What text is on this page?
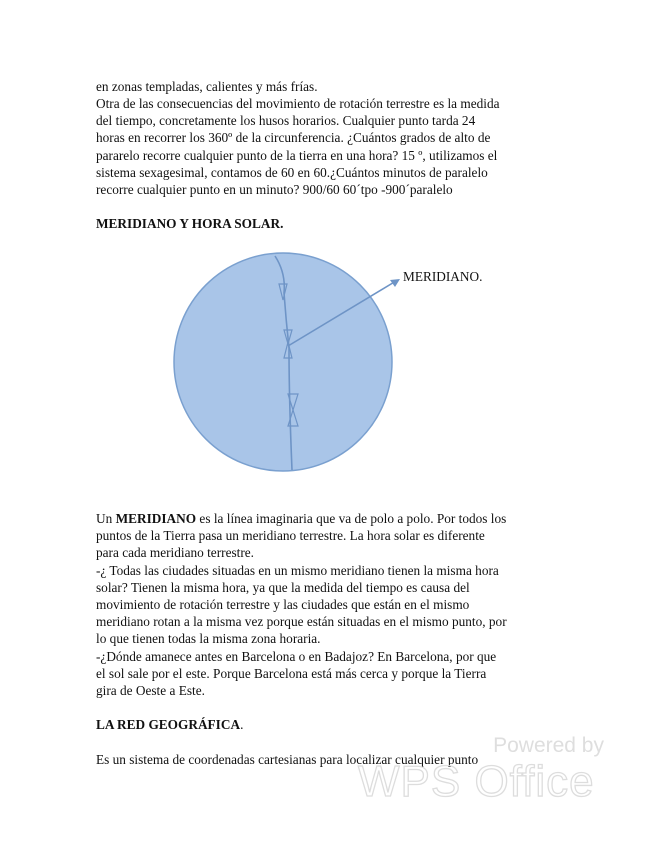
en zonas templadas, calientes y más frías.
Otra de las consecuencias del movimiento de rotación terrestre es la medida
del tiempo, concretamente los husos horarios. Cualquier punto tarda 24
horas en recorrer los 360º de la circunferencia. ¿Cuántos grados de alto de
pararelo recorre cualquier punto de la tierra en una hora? 15 º, utilizamos el
sistema sexagesimal, contamos de 60 en 60.¿Cuántos minutos de paralelo
recorre cualquier punto en un minuto? 900/60 60´tpo -900´paralelo
MERIDIANO Y HORA SOLAR.
MERIDIANO.
Un MERIDIANO es la línea imaginaria que va de polo a polo. Por todos los
puntos de la Tierra pasa un meridiano terrestre. La hora solar es diferente
para cada meridiano terrestre.
-¿ Todas las ciudades situadas en un mismo meridiano tienen la misma hora
solar? Tienen la misma hora, ya que la medida del tiempo es causa del
movimiento de rotación terrestre y las ciudades que están en el mismo
meridiano rotan a la misma vez porque están situadas en el mismo punto, por
lo que tienen todas la misma zona horaria.
-¿Dónde amanece antes en Barcelona o en Badajoz? En Barcelona, por que
el sol sale por el este. Porque Barcelona está más cerca y porque la Tierra
gira de Oeste a Este.
LA RED GEOGRÁFICA.
Es un sistema de coordenadas cartesianas para localizar cualquier punto
Powered by
WPS Office
